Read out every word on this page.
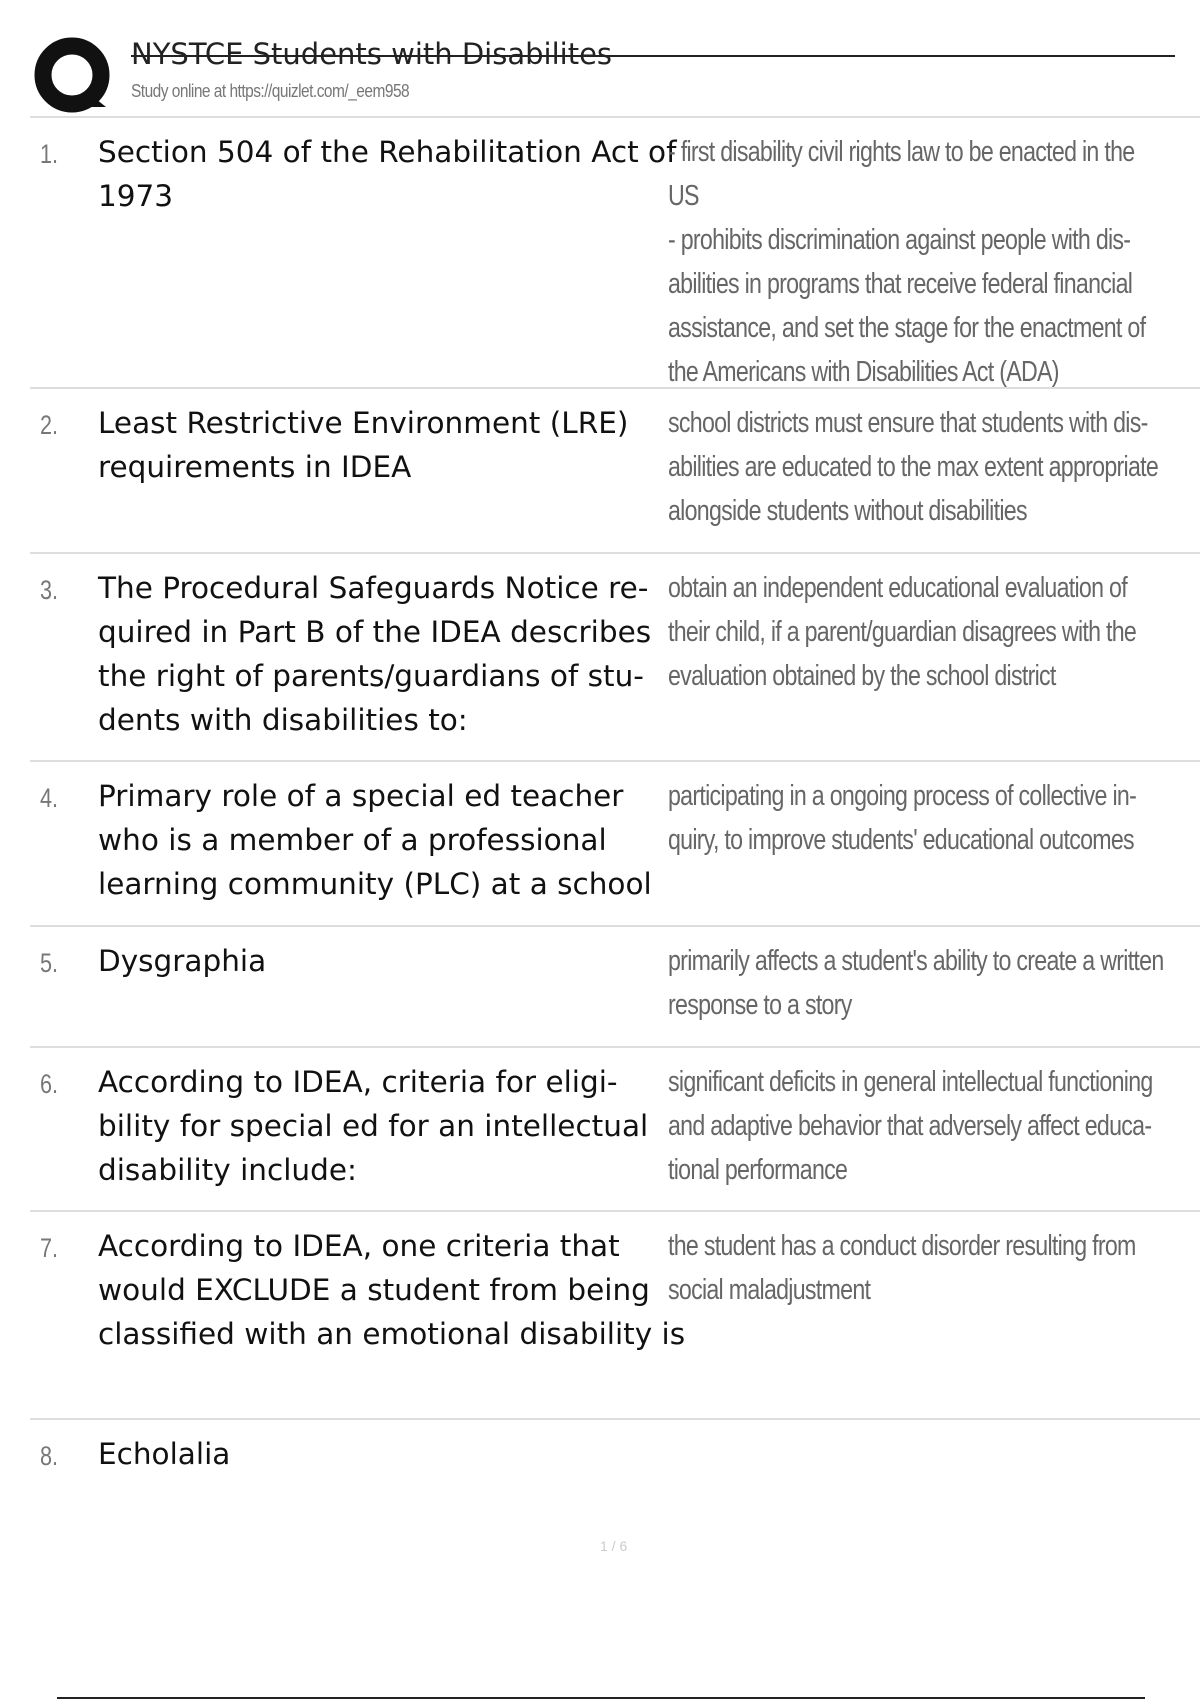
NYSTCE Students with Disabilites
Study online at https://quizlet.com/_eem958
1. Section 504 of the Rehabilitation Act of 1973
- first disability civil rights law to be enacted in the
US
- prohibits discrimination against people with dis-
abilities in programs that receive federal financial
assistance, and set the stage for the enactment of
the Americans with Disabilities Act (ADA)
2. Least Restrictive Environment (LRE) requirements in IDEA
school districts must ensure that students with dis-
abilities are educated to the max extent appropriate
alongside students without disabilities
3. The Procedural Safeguards Notice re- quired in Part B of the IDEA describes the right of parents/guardians of stu- dents with disabilities to:
obtain an independent educational evaluation of
their child, if a parent/guardian disagrees with the
evaluation obtained by the school district
4. Primary role of a special ed teacher who is a member of a professional learning community (PLC) at a school
participating in a ongoing process of collective in-
quiry, to improve students' educational outcomes
5. Dysgraphia	primarily affects a student's ability to create a written
response to a story
6. According to IDEA, criteria for eligi- bility for special ed for an intellectual disability include:
significant deficits in general intellectual functioning
and adaptive behavior that adversely affect educa-
tional performance
7. According to IDEA, one criteria that would EXCLUDE a student from being classified with an emotional disability is
the student has a conduct disorder resulting from
social maladjustment
8. Echolalia
1 / 6
